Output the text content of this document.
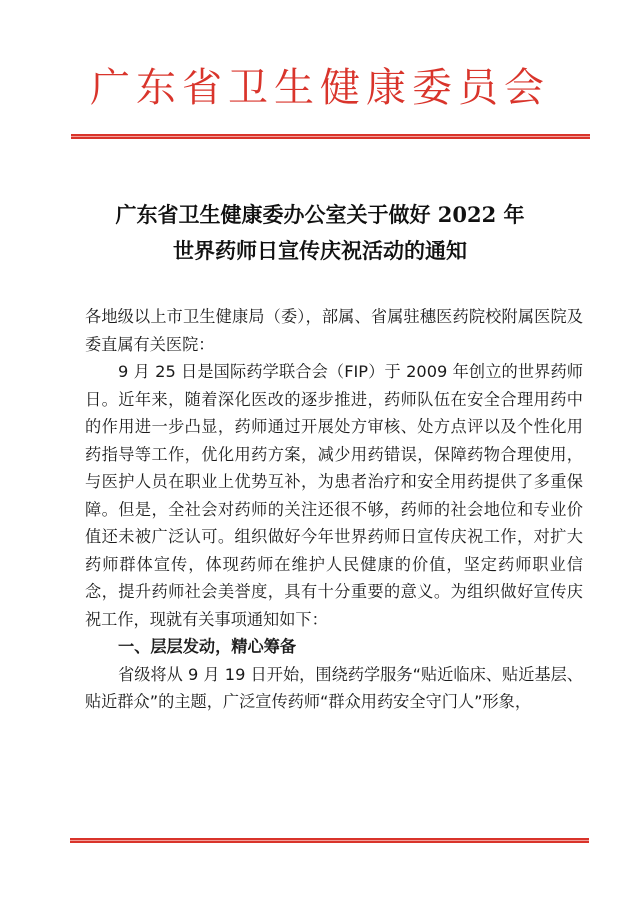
广东省卫生健康委员会
广东省卫生健康委办公室关于做好 2022 年
世界药师日宣传庆祝活动的通知

各地级以上市卫生健康局（委），部属、省属驻穗医药院校附属医院及委直属有关医院：

9 月 25 日是国际药学联合会（FIP）于 2009 年创立的世界药师日。近年来，随着深化医改的逐步推进，药师队伍在安全合理用药中的作用进一步凸显，药师通过开展处方审核、处方点评以及个性化用药指导等工作，优化用药方案，减少用药错误，保障药物合理使用，与医护人员在职业上优势互补，为患者治疗和安全用药提供了多重保障。但是，全社会对药师的关注还很不够，药师的社会地位和专业价值还未被广泛认可。组织做好今年世界药师日宣传庆祝工作，对扩大药师群体宣传，体现药师在维护人民健康的价值，坚定药师职业信念，提升药师社会美誉度，具有十分重要的意义。为组织做好宣传庆祝工作，现就有关事项通知如下：

一、层层发动，精心筹备

省级将从 9 月 19 日开始，围绕药学服务“贴近临床、贴近基层、贴近群众”的主题，广泛宣传药师“群众用药安全守门人”形象，
